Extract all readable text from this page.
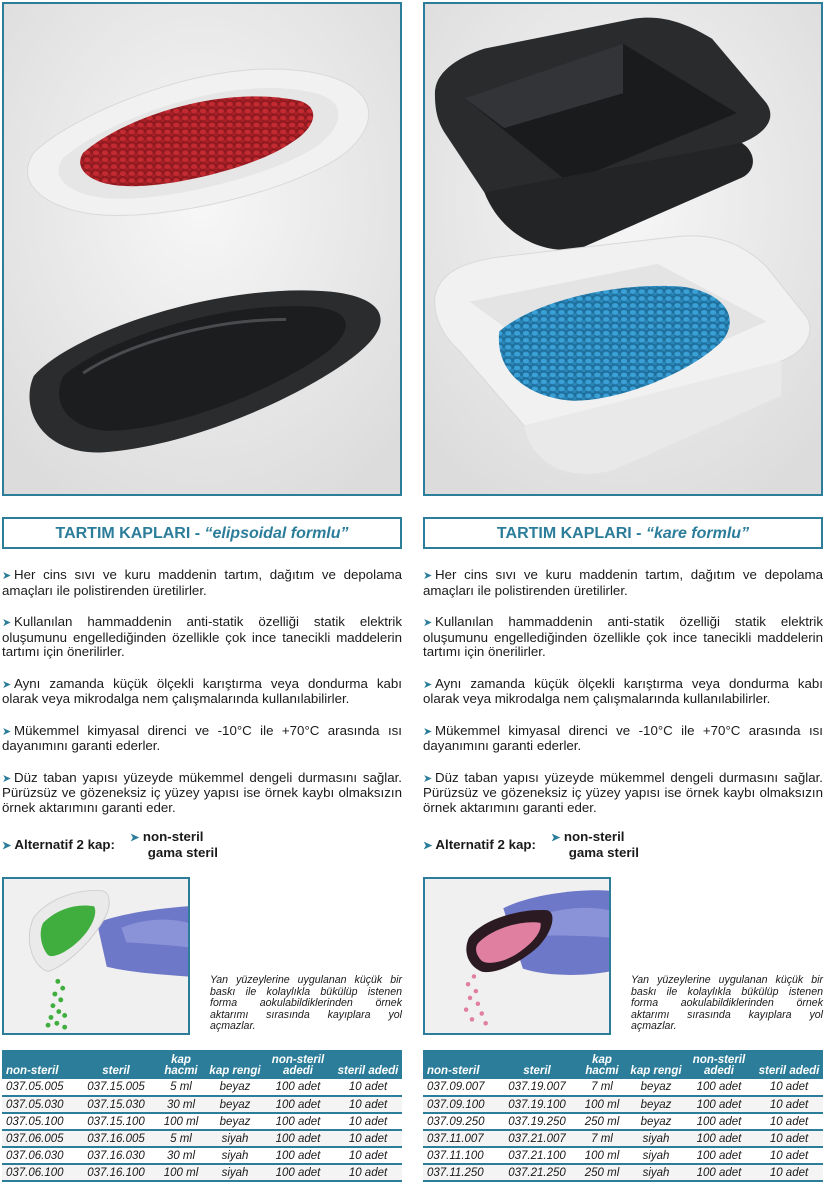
TARTIM KAPLARI - “elipsoidal formlu”

➤ Her cins sıvı ve kuru maddenin tartım, dağıtım ve depolama amaçları ile polistirenden üretilirler.

➤ Kullanılan hammaddenin anti-statik özelliği statik elektrik oluşumunu engellediğinden özellikle çok ince tanecikli maddelerin tartımı için önerilirler.

➤ Aynı zamanda küçük ölçekli karıştırma veya dondurma kabı olarak veya mikrodalga nem çalışmalarında kullanılabilirler.

➤ Mükemmel kimyasal direnci ve -10°C ile +70°C arasında ısı dayanımını garanti ederler.

➤ Düz taban yapısı yüzeyde mükemmel dengeli durmasını sağlar. Pürüzsüz ve gözeneksiz iç yüzey yapısı ise örnek kaybı olmaksızın örnek aktarımını garanti eder.

➤ Alternatif 2 kap: ➤ non-steril
gama steril

Yan yüzeylerine uygulanan küçük bir baskı ile kolaylıkla bükülüp istenen forma aokulabildiklerinden örnek aktarımı sırasında kayıplara yol açmazlar.

non-steril	steril	kap hacmi	kap rengi	non-steril adedi	steril adedi
037.05.005	037.15.005	5 ml	beyaz	100 adet	10 adet
037.05.030	037.15.030	30 ml	beyaz	100 adet	10 adet
037.05.100	037.15.100	100 ml	beyaz	100 adet	10 adet
037.06.005	037.16.005	5 ml	siyah	100 adet	10 adet
037.06.030	037.16.030	30 ml	siyah	100 adet	10 adet
037.06.100	037.16.100	100 ml	siyah	100 adet	10 adet
TARTIM KAPLARI - “kare formlu”

➤ Her cins sıvı ve kuru maddenin tartım, dağıtım ve depolama amaçları ile polistirenden üretilirler.

➤ Kullanılan hammaddenin anti-statik özelliği statik elektrik oluşumunu engellediğinden özellikle çok ince tanecikli maddelerin tartımı için önerilirler.

➤ Aynı zamanda küçük ölçekli karıştırma veya dondurma kabı olarak veya mikrodalga nem çalışmalarında kullanılabilirler.

➤ Mükemmel kimyasal direnci ve -10°C ile +70°C arasında ısı dayanımını garanti ederler.

➤ Düz taban yapısı yüzeyde mükemmel dengeli durmasını sağlar. Pürüzsüz ve gözeneksiz iç yüzey yapısı ise örnek kaybı olmaksızın örnek aktarımını garanti eder.

➤ Alternatif 2 kap: ➤ non-steril
gama steril

Yan yüzeylerine uygulanan küçük bir baskı ile kolaylıkla bükülüp istenen forma aokulabildiklerinden örnek aktarımı sırasında kayıplara yol açmazlar.

non-steril	steril	kap hacmi	kap rengi	non-steril adedi	steril adedi
037.09.007	037.19.007	7 ml	beyaz	100 adet	10 adet
037.09.100	037.19.100	100 ml	beyaz	100 adet	10 adet
037.09.250	037.19.250	250 ml	beyaz	100 adet	10 adet
037.11.007	037.21.007	7 ml	siyah	100 adet	10 adet
037.11.100	037.21.100	100 ml	siyah	100 adet	10 adet
037.11.250	037.21.250	250 ml	siyah	100 adet	10 adet
